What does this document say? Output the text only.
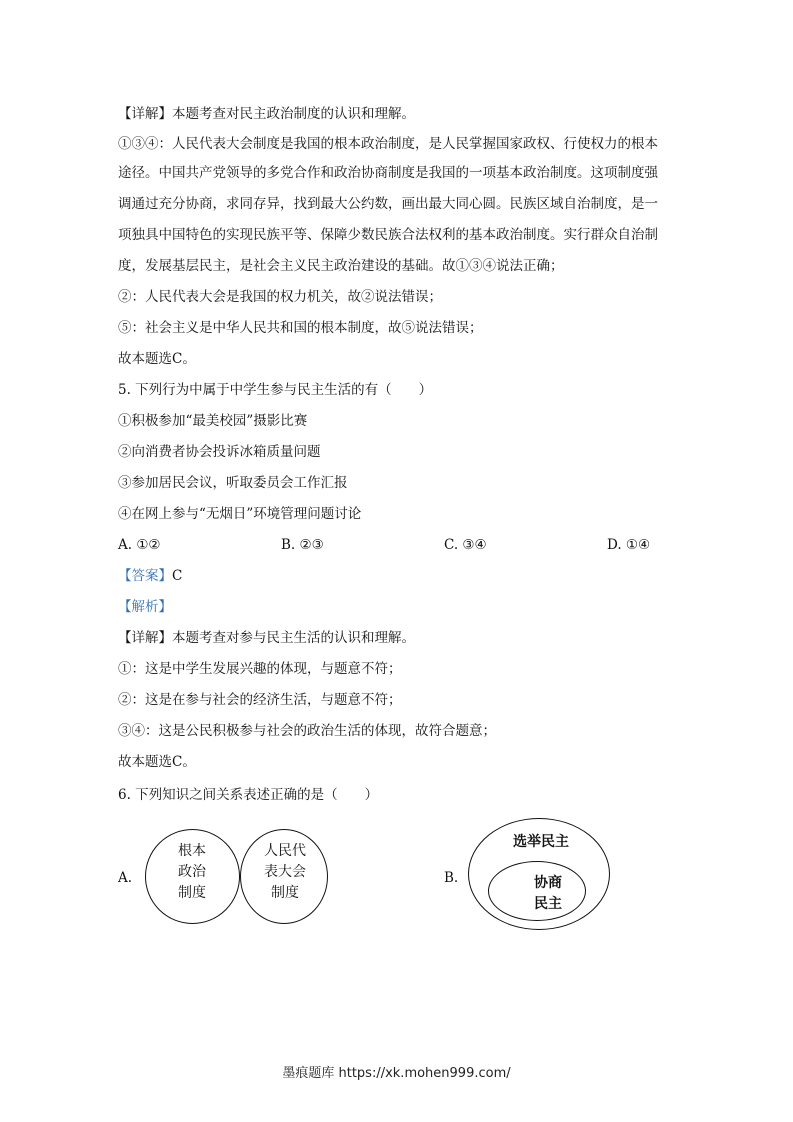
【详解】本题考查对民主政治制度的认识和理解。
①③④：人民代表大会制度是我国的根本政治制度，是人民掌握国家政权、行使权力的根本
途径。中国共产党领导的多党合作和政治协商制度是我国的一项基本政治制度。这项制度强
调通过充分协商，求同存异，找到最大公约数，画出最大同心圆。民族区域自治制度，是一
项独具中国特色的实现民族平等、保障少数民族合法权利的基本政治制度。实行群众自治制
度，发展基层民主，是社会主义民主政治建设的基础。故①③④说法正确；
②：人民代表大会是我国的权力机关，故②说法错误；
⑤：社会主义是中华人民共和国的根本制度，故⑤说法错误；
故本题选C。
5. 下列行为中属于中学生参与民主生活的有（　　）
①积极参加“最美校园”摄影比赛
②向消费者协会投诉冰箱质量问题
③参加居民会议，听取委员会工作汇报
④在网上参与“无烟日”环境管理问题讨论
A. ①②	B. ②③	C. ③④	D. ①④
【答案】C
【解析】
【详解】本题考查对参与民主生活的认识和理解。
①：这是中学生发展兴趣的体现，与题意不符；
②：这是在参与社会的经济生活，与题意不符；
③④：这是公民积极参与社会的政治生活的体现，故符合题意；
故本题选C。
6. 下列知识之间关系表述正确的是（　　）
A.
根本
政治
制度
人民代
表大会
制度
B.
选举民主
协商
民主
墨痕题库 https://xk.mohen999.com/
